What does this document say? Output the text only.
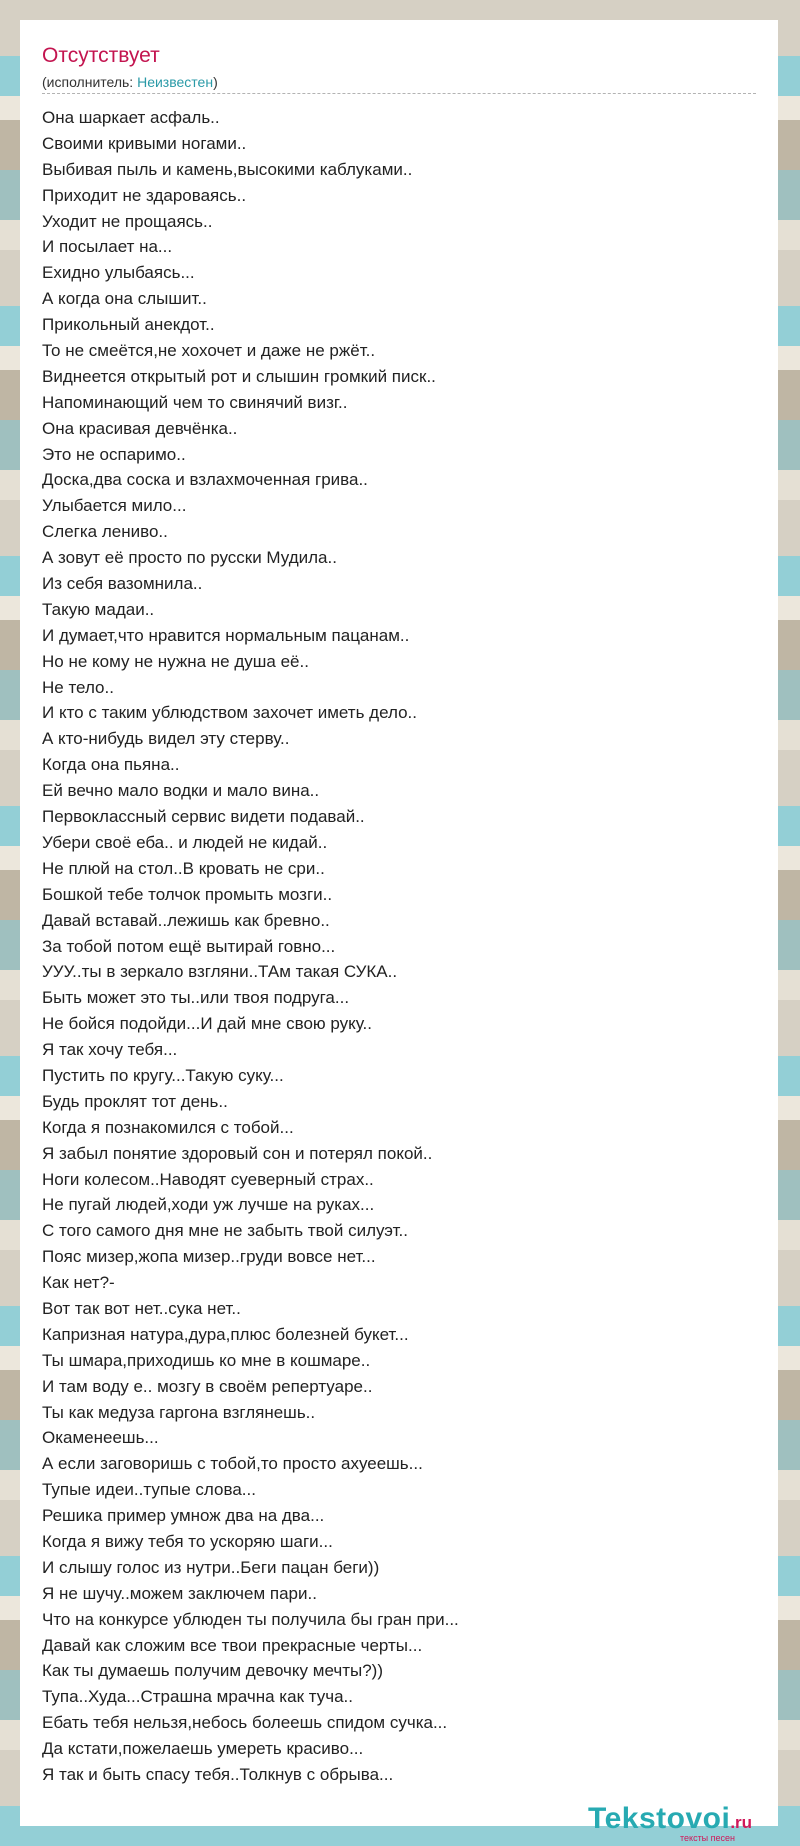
Отсутствует
(исполнитель: Неизвестен)
Она шаркает асфаль..
Своими кривыми ногами..
Выбивая пыль и камень,высокими каблуками..
Приходит не здароваясь..
Уходит не прощаясь..
И посылает на...
Ехидно улыбаясь...
А когда она слышит..
Прикольный анекдот..
То не смеётся,не хохочет и даже не ржёт..
Виднеется открытый рот и слышин громкий писк..
Напоминающий чем то свинячий визг..
Она красивая девчёнка..
Это не оспаримо..
Доска,два соска и взлахмоченная грива..
Улыбается мило...
Слегка лениво..
А зовут её просто по русски Мудила..
Из себя вазомнила..
Такую мадаи..
И думает,что нравится нормальным пацанам..
Но не кому не нужна не душа её..
Не тело..
И кто с таким ублюдством захочет иметь дело..
А кто-нибудь видел эту стерву..
Когда она пьяна..
Ей вечно мало водки и мало вина..
Первоклассный сервис видети подавай..
Убери своё еба.. и людей не кидай..
Не плюй на стол..В кровать не сри..
Бошкой тебе толчок промыть мозги..
Давай вставай..лежишь как бревно..
За тобой потом ещё вытирай говно...
УУУ..ты в зеркало взгляни..ТАм такая СУКА..
Быть может это ты..или твоя подруга...
Не бойся подойди...И дай мне свою руку..
Я так хочу тебя...
Пустить по кругу...Такую суку...
Будь проклят тот день..
Когда я познакомился с тобой...
Я забыл понятие здоровый сон и потерял покой..
Ноги колесом..Наводят суеверный страх..
Не пугай людей,ходи уж лучше на руках...
С того самого дня мне не забыть твой силуэт..
Пояс мизер,жопа мизер..груди вовсе нет...
Как нет?-
Вот так вот нет..сука нет..
Капризная натура,дура,плюс болезней букет...
Ты шмара,приходишь ко мне в кошмаре..
И там воду е.. мозгу в своём репертуаре..
Ты как медуза гаргона взглянешь..
Окаменеешь...
А если заговоришь с тобой,то просто ахуеешь...
Тупые идеи..тупые слова...
Решика пример умнож два на два...
Когда я вижу тебя то ускоряю шаги...
И слышу голос из нутри..Беги пацан беги))
Я не шучу..можем заключем пари..
Что на конкурсе ублюден ты получила бы гран при...
Давай как сложим все твои прекрасные черты...
Как ты думаешь получим девочку мечты?))
Тупа..Худа...Страшна мрачна как туча..
Ебать тебя нельзя,небось болеешь спидом сучка...
Да кстати,пожелаешь умереть красиво...
Я так и быть спасу тебя..Толкнув с обрыва...
Tekstovoi.ru
тексты песен
